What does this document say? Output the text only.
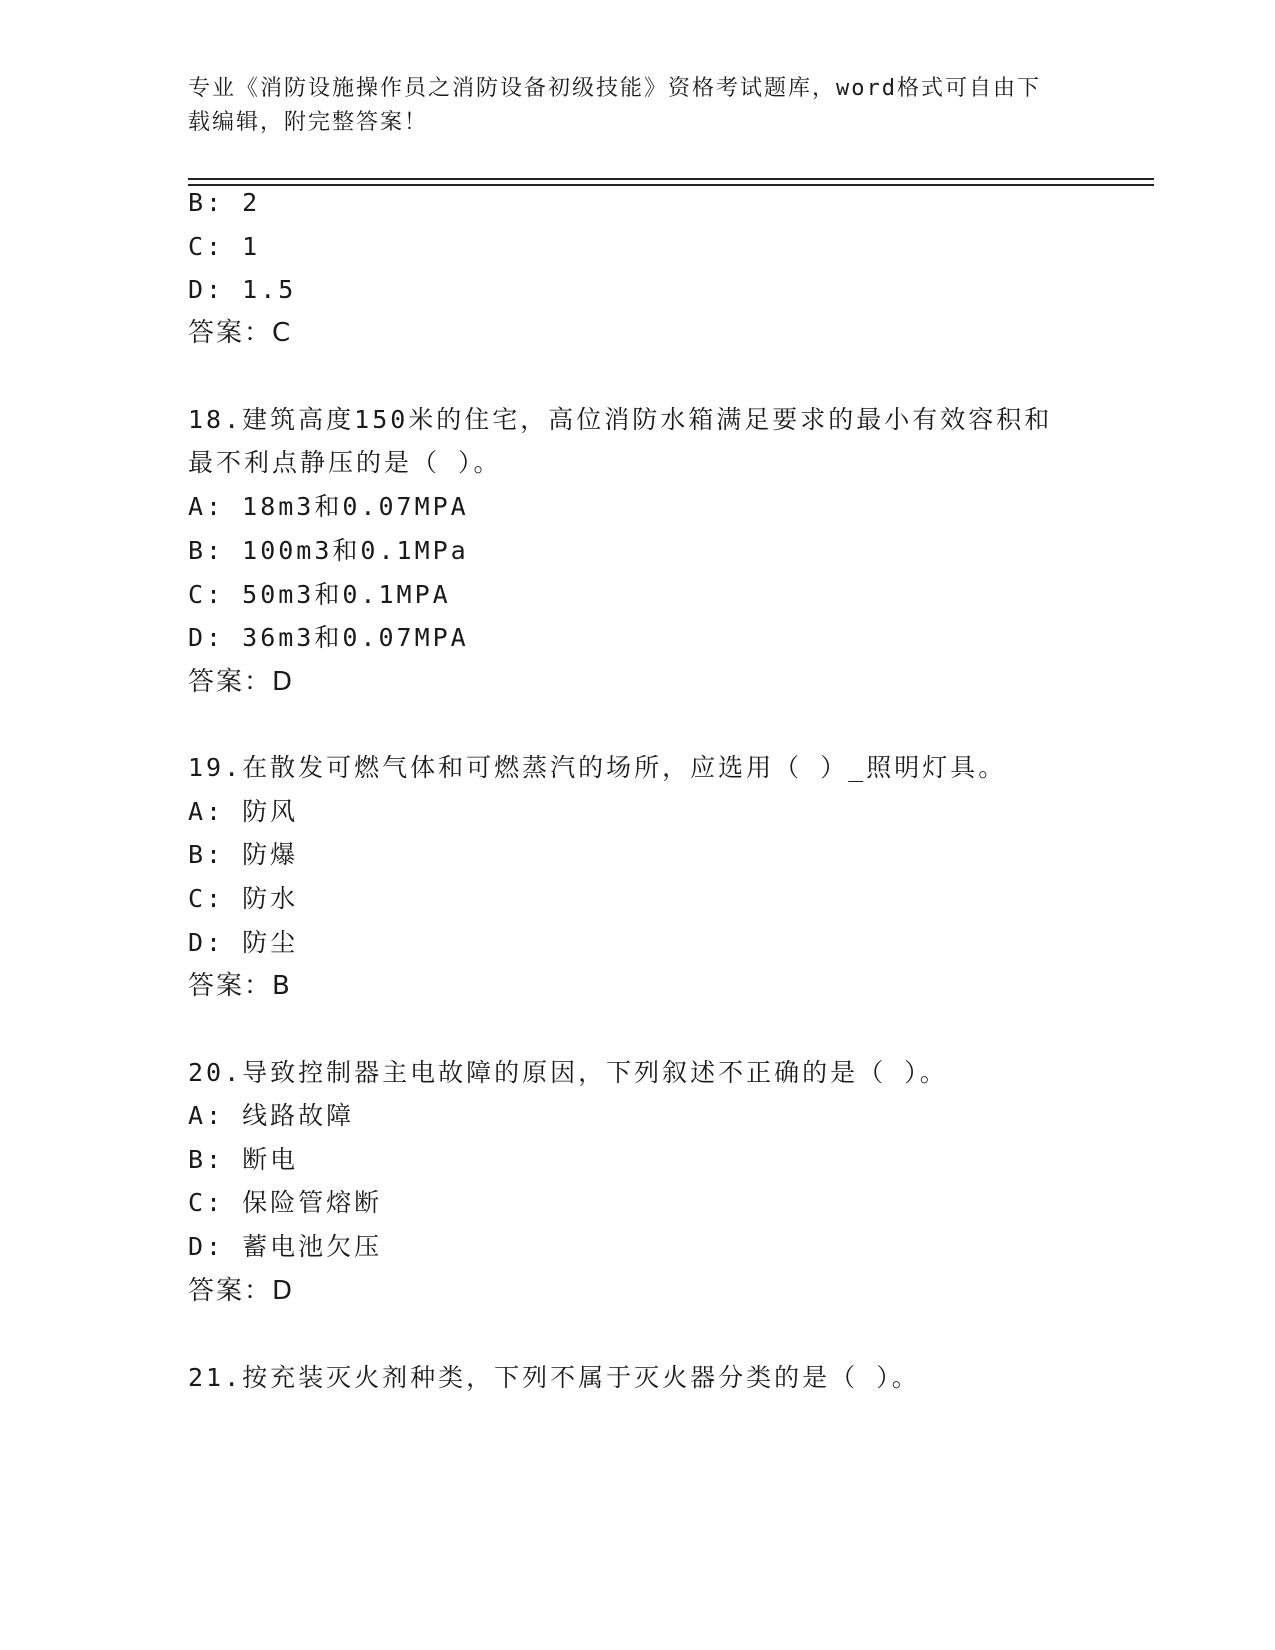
专业《消防设施操作员之消防设备初级技能》资格考试题库，word格式可自由下
载编辑，附完整答案！
B: 2
C: 1
D: 1.5
答案：C
18.建筑高度150米的住宅，高位消防水箱满足要求的最小有效容积和
最不利点静压的是（ ）。
A: 18m3和0.07MPA
B: 100m3和0.1MPa
C: 50m3和0.1MPA
D: 36m3和0.07MPA
答案：D
19.在散发可燃气体和可燃蒸汽的场所，应选用（ ）_照明灯具。
A: 防风
B: 防爆
C: 防水
D: 防尘
答案：B
20.导致控制器主电故障的原因，下列叙述不正确的是（ ）。
A: 线路故障
B: 断电
C: 保险管熔断
D: 蓄电池欠压
答案：D
21.按充装灭火剂种类，下列不属于灭火器分类的是（ ）。
